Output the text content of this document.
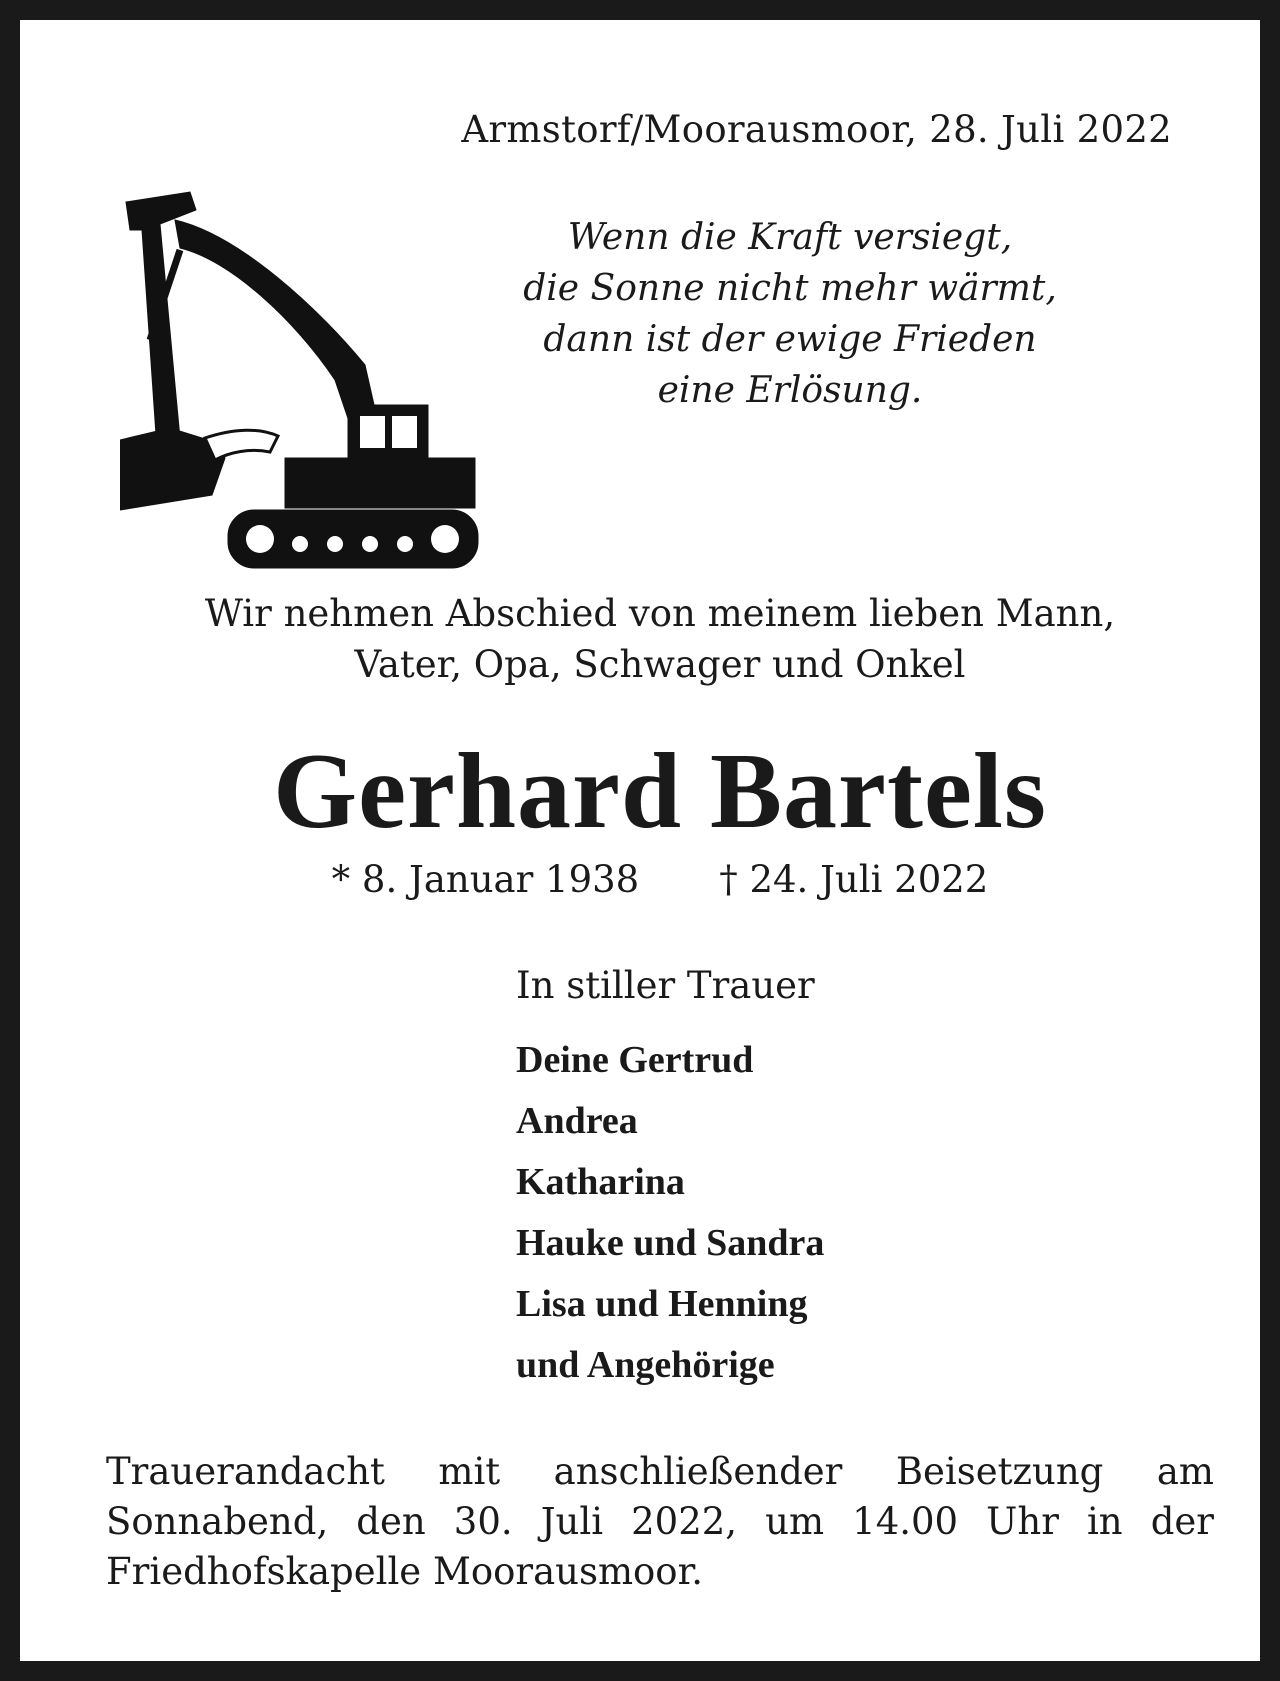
Armstorf/Moorausmoor, 28. Juli 2022
Wenn die Kraft versiegt,
die Sonne nicht mehr wärmt,
dann ist der ewige Frieden
eine Erlösung.
Wir nehmen Abschied von meinem lieben Mann,
Vater, Opa, Schwager und Onkel
Gerhard Bartels
* 8. Januar 1938 † 24. Juli 2022
In stiller Trauer
Deine Gertrud
Andrea
Katharina
Hauke und Sandra
Lisa und Henning
und Angehörige
Trauerandacht mit anschließender Beisetzung am Sonnabend, den 30. Juli 2022, um 14.00 Uhr in der Friedhofskapelle Moorausmoor.
